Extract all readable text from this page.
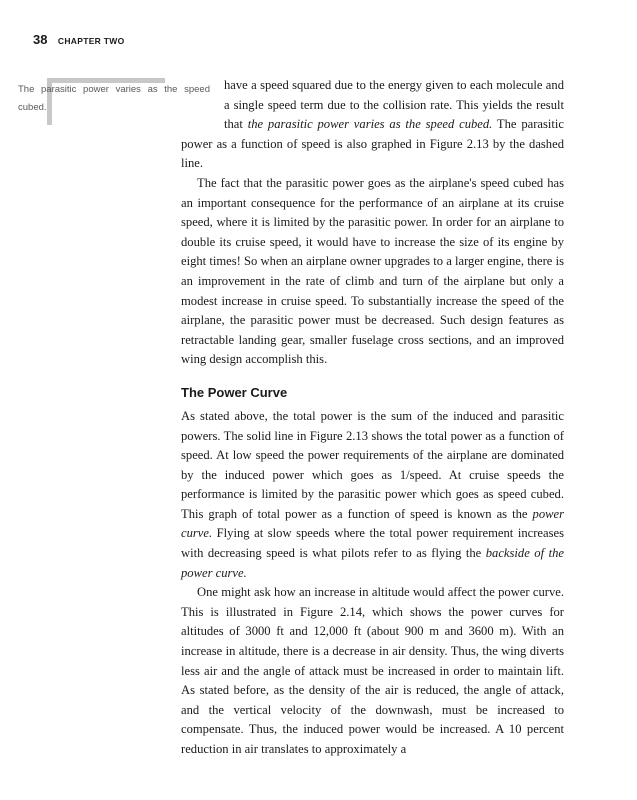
38 CHAPTER TWO
The parasitic power varies as the speed cubed.

have a speed squared due to the energy given to each molecule and a single speed term due to the collision rate. This yields the result that the parasitic power varies as the speed cubed. The parasitic power as a function of speed is also graphed in Figure 2.13 by the dashed line.

The fact that the parasitic power goes as the airplane's speed cubed has an important consequence for the performance of an airplane at its cruise speed, where it is limited by the parasitic power. In order for an airplane to double its cruise speed, it would have to increase the size of its engine by eight times! So when an airplane owner upgrades to a larger engine, there is an improvement in the rate of climb and turn of the airplane but only a modest increase in cruise speed. To substantially increase the speed of the airplane, the parasitic power must be decreased. Such design features as retractable landing gear, smaller fuselage cross sections, and an improved wing design accomplish this.

The Power Curve

As stated above, the total power is the sum of the induced and parasitic powers. The solid line in Figure 2.13 shows the total power as a function of speed. At low speed the power requirements of the airplane are dominated by the induced power which goes as 1/speed. At cruise speeds the performance is limited by the parasitic power which goes as speed cubed. This graph of total power as a function of speed is known as the power curve. Flying at slow speeds where the total power requirement increases with decreasing speed is what pilots refer to as flying the backside of the power curve.

One might ask how an increase in altitude would affect the power curve. This is illustrated in Figure 2.14, which shows the power curves for altitudes of 3000 ft and 12,000 ft (about 900 m and 3600 m). With an increase in altitude, there is a decrease in air density. Thus, the wing diverts less air and the angle of attack must be increased in order to maintain lift. As stated before, as the density of the air is reduced, the angle of attack, and the vertical velocity of the downwash, must be increased to compensate. Thus, the induced power would be increased. A 10 percent reduction in air translates to approximately a
